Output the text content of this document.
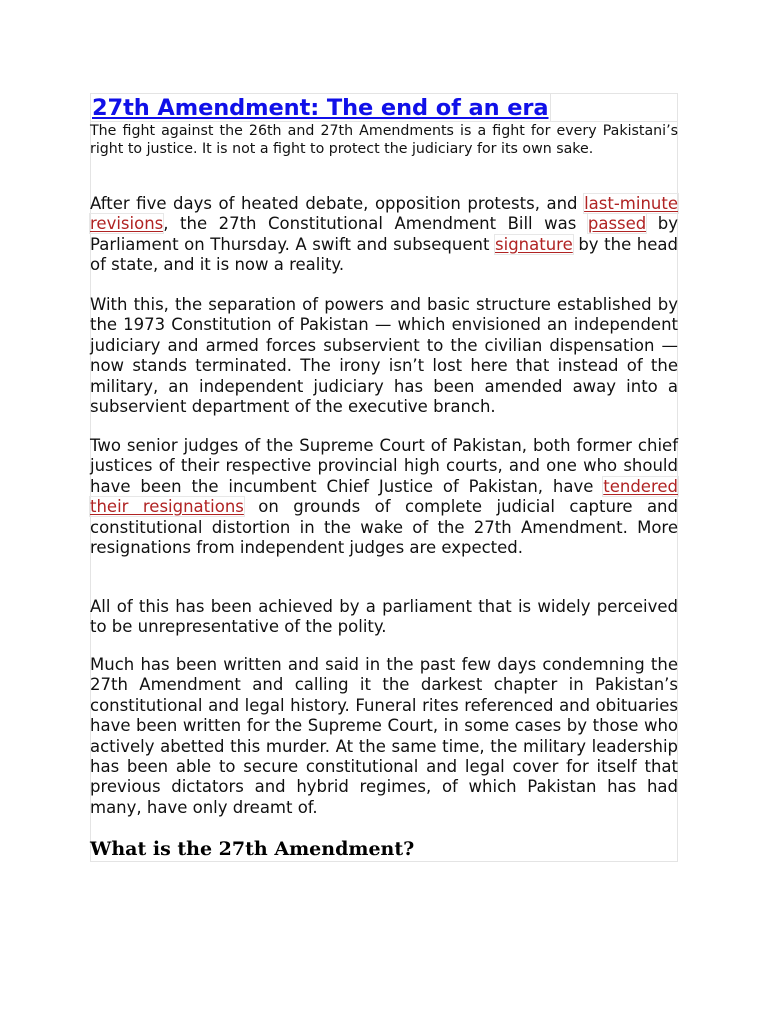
27th Amendment: The end of an era

The fight against the 26th and 27th Amendments is a fight for every Pakistani’s right to justice. It is not a fight to protect the judiciary for its own sake.

After five days of heated debate, opposition protests, and last-minute revisions, the 27th Constitutional Amendment Bill was passed by Parliament on Thursday. A swift and subsequent signature by the head of state, and it is now a reality.

With this, the separation of powers and basic structure established by the 1973 Constitution of Pakistan — which envisioned an independent judiciary and armed forces subservient to the civilian dispensation — now stands terminated. The irony isn’t lost here that instead of the military, an independent judiciary has been amended away into a subservient department of the executive branch.

Two senior judges of the Supreme Court of Pakistan, both former chief justices of their respective provincial high courts, and one who should have been the incumbent Chief Justice of Pakistan, have tendered their resignations on grounds of complete judicial capture and constitutional distortion in the wake of the 27th Amendment. More resignations from independent judges are expected.

All of this has been achieved by a parliament that is widely perceived to be unrepresentative of the polity.

Much has been written and said in the past few days condemning the 27th Amendment and calling it the darkest chapter in Pakistan’s constitutional and legal history. Funeral rites referenced and obituaries have been written for the Supreme Court, in some cases by those who actively abetted this murder. At the same time, the military leadership has been able to secure constitutional and legal cover for itself that previous dictators and hybrid regimes, of which Pakistan has had many, have only dreamt of.

What is the 27th Amendment?
